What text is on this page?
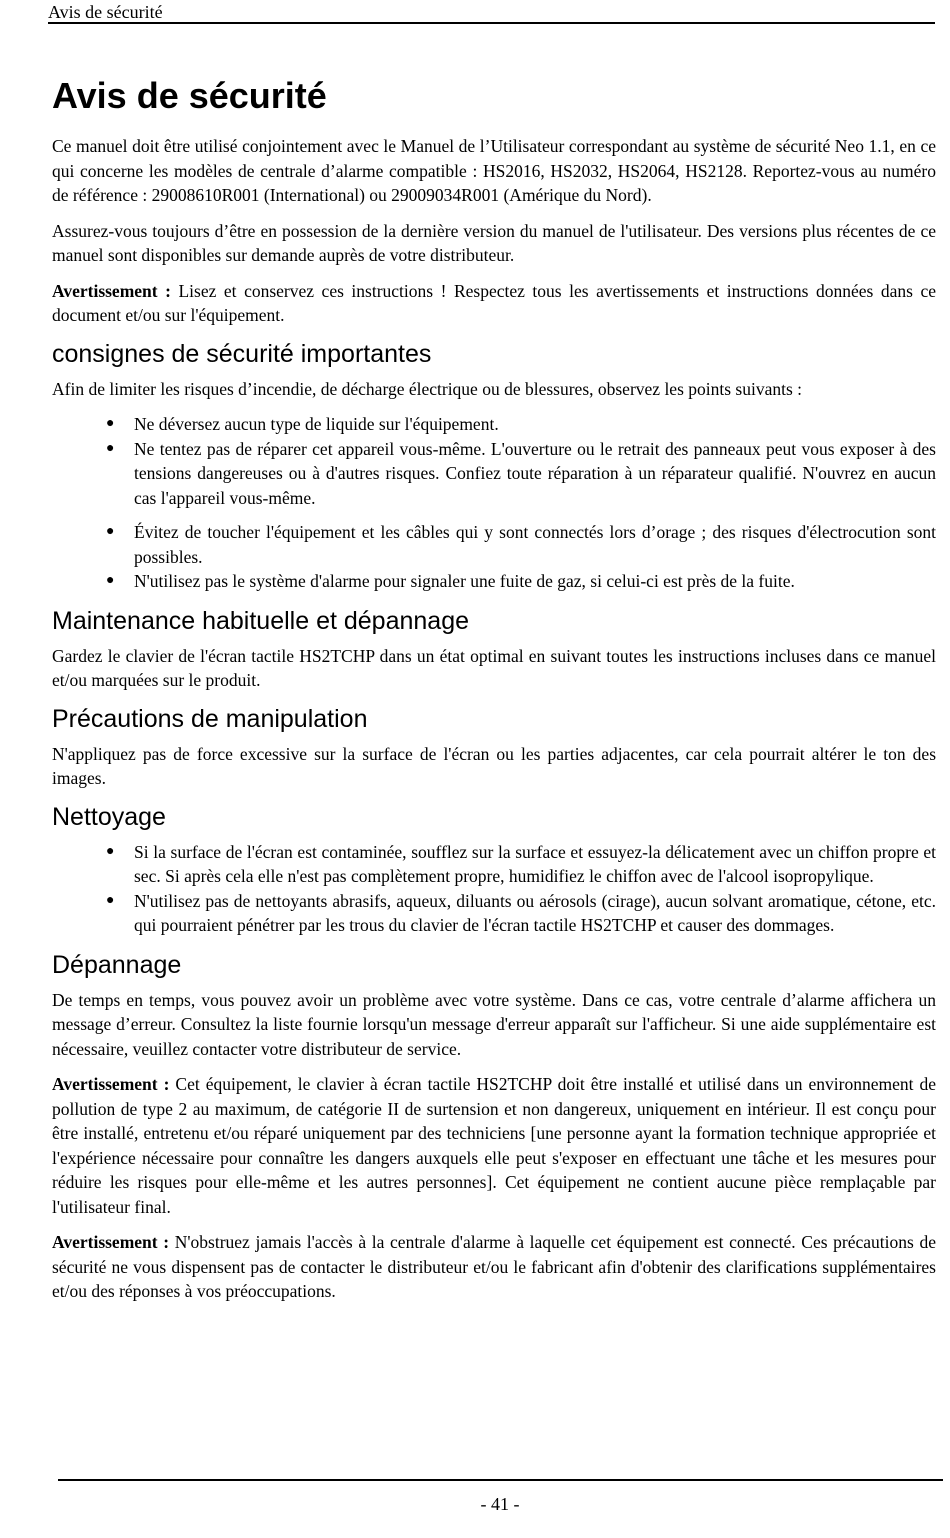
Avis de sécurité
Avis de sécurité

Ce manuel doit être utilisé conjointement avec le Manuel de l’Utilisateur correspondant au système de sécurité Neo 1.1, en ce qui concerne les modèles de centrale d’alarme compatible : HS2016, HS2032, HS2064, HS2128. Reportez-vous au numéro de référence : 29008610R001 (International) ou 29009034R001 (Amérique du Nord).

Assurez-vous toujours d’être en possession de la dernière version du manuel de l'utilisateur. Des versions plus récentes de ce manuel sont disponibles sur demande auprès de votre distributeur.

Avertissement : Lisez et conservez ces instructions ! Respectez tous les avertissements et instructions données dans ce document et/ou sur l'équipement.

consignes de sécurité importantes

Afin de limiter les risques d’incendie, de décharge électrique ou de blessures, observez les points suivants :

● Ne déversez aucun type de liquide sur l'équipement.
● Ne tentez pas de réparer cet appareil vous-même. L'ouverture ou le retrait des panneaux peut vous exposer à des tensions dangereuses ou à d'autres risques. Confiez toute réparation à un réparateur qualifié. N'ouvrez en aucun cas l'appareil vous-même.
● Évitez de toucher l'équipement et les câbles qui y sont connectés lors d’orage ; des risques d'électrocution sont possibles.
● N'utilisez pas le système d'alarme pour signaler une fuite de gaz, si celui-ci est près de la fuite.
Maintenance habituelle et dépannage

Gardez le clavier de l'écran tactile HS2TCHP dans un état optimal en suivant toutes les instructions incluses dans ce manuel et/ou marquées sur le produit.

Précautions de manipulation

N'appliquez pas de force excessive sur la surface de l'écran ou les parties adjacentes, car cela pourrait altérer le ton des images.

Nettoyage
● Si la surface de l'écran est contaminée, soufflez sur la surface et essuyez-la délicatement avec un chiffon propre et sec. Si après cela elle n'est pas complètement propre, humidifiez le chiffon avec de l'alcool isopropylique.
● N'utilisez pas de nettoyants abrasifs, aqueux, diluants ou aérosols (cirage), aucun solvant aromatique, cétone, etc. qui pourraient pénétrer par les trous du clavier de l'écran tactile HS2TCHP et causer des dommages.
Dépannage

De temps en temps, vous pouvez avoir un problème avec votre système. Dans ce cas, votre centrale d’alarme affichera un message d’erreur. Consultez la liste fournie lorsqu'un message d'erreur apparaît sur l'afficheur. Si une aide supplémentaire est nécessaire, veuillez contacter votre distributeur de service.

Avertissement : Cet équipement, le clavier à écran tactile HS2TCHP doit être installé et utilisé dans un environnement de pollution de type 2 au maximum, de catégorie II de surtension et non dangereux, uniquement en intérieur. Il est conçu pour être installé, entretenu et/ou réparé uniquement par des techniciens [une personne ayant la formation technique appropriée et l'expérience nécessaire pour connaître les dangers auxquels elle peut s'exposer en effectuant une tâche et les mesures pour réduire les risques pour elle-même et les autres personnes]. Cet équipement ne contient aucune pièce remplaçable par l'utilisateur final.

Avertissement : N'obstruez jamais l'accès à la centrale d'alarme à laquelle cet équipement est connecté. Ces précautions de sécurité ne vous dispensent pas de contacter le distributeur et/ou le fabricant afin d'obtenir des clarifications supplémentaires et/ou des réponses à vos préoccupations.

- 41 -
